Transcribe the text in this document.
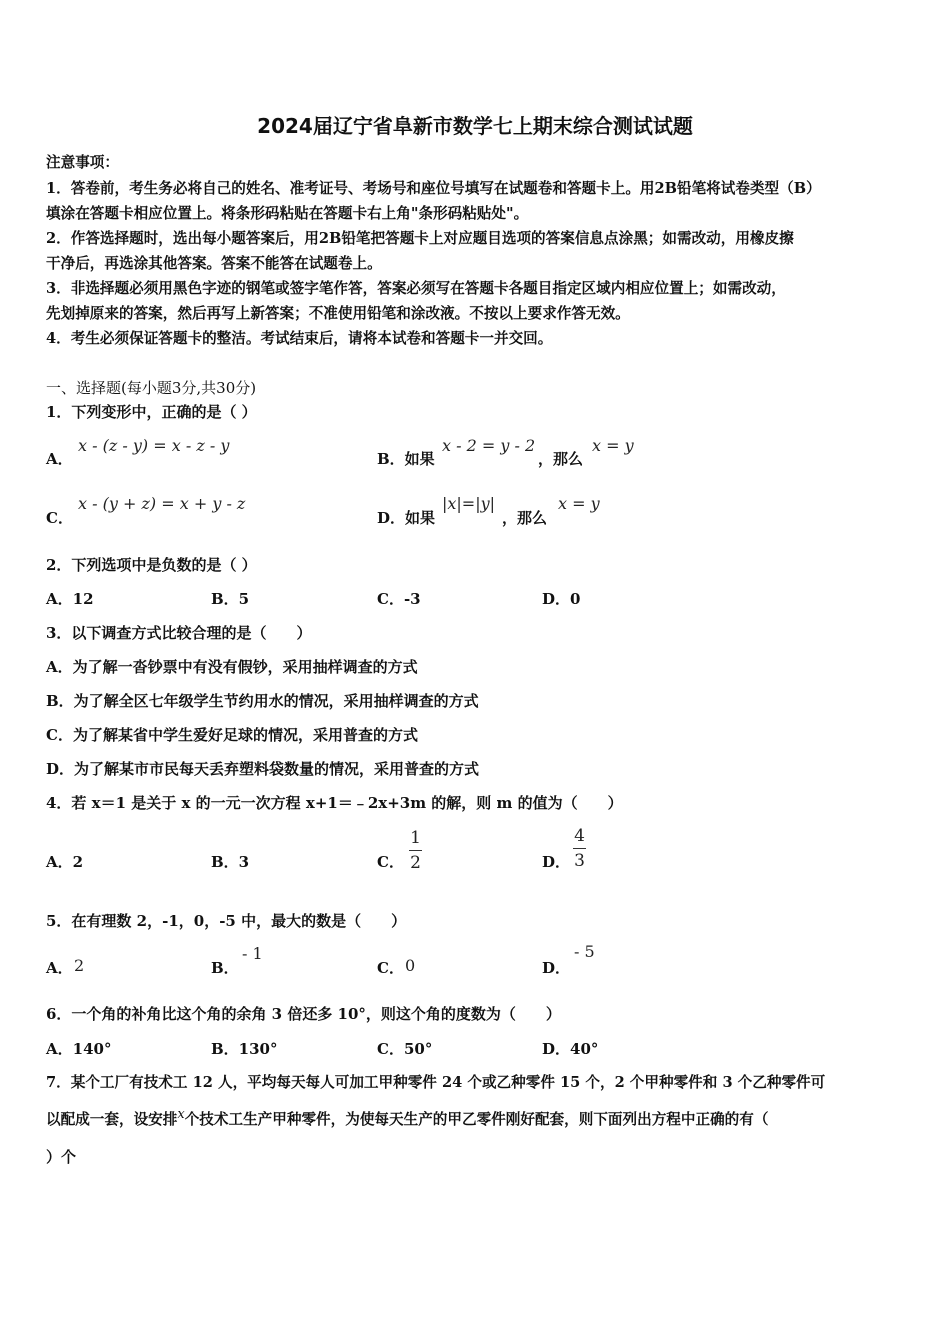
2024届辽宁省阜新市数学七上期末综合测试试题
注意事项：
1．答卷前，考生务必将自己的姓名、准考证号、考场号和座位号填写在试题卷和答题卡上。用2B铅笔将试卷类型（B）
填涂在答题卡相应位置上。将条形码粘贴在答题卡右上角"条形码粘贴处"。
2．作答选择题时，选出每小题答案后，用2B铅笔把答题卡上对应题目选项的答案信息点涂黑；如需改动，用橡皮擦
干净后，再选涂其他答案。答案不能答在试题卷上。
3．非选择题必须用黑色字迹的钢笔或签字笔作答，答案必须写在答题卡各题目指定区域内相应位置上；如需改动，
先划掉原来的答案，然后再写上新答案；不准使用铅笔和涂改液。不按以上要求作答无效。
4．考生必须保证答题卡的整洁。考试结束后，请将本试卷和答题卡一并交回。
一、选择题(每小题3分,共30分)
1．下列变形中，正确的是（ ）
A．
x - (z - y) = x - z - y
B．如果
x - 2 = y - 2
，那么
x = y
C．
x - (y + z) = x + y - z
D．如果
|x|=|y|
，那么
x = y
2．下列选项中是负数的是（ ）
A．12	B．5	C．-3	D．0
3．以下调查方式比较合理的是（　　）
A．为了解一沓钞票中有没有假钞，采用抽样调查的方式
B．为了解全区七年级学生节约用水的情况，采用抽样调查的方式
C．为了解某省中学生爱好足球的情况，采用普查的方式
D．为了解某市市民每天丢弃塑料袋数量的情况，采用普查的方式
4．若 x＝1 是关于 x 的一元一次方程 x+1＝﹣2x+3m 的解，则 m 的值为（　　）
A．2	B．3	C．
1
2	D．
4
3
5．在有理数 2，-1，0，-5 中，最大的数是（　　）
A． 2	B．
- 1
C． 0	D．
- 5
6．一个角的补角比这个角的余角 3 倍还多 10°，则这个角的度数为（　　）
A．140°	B．130°	C．50°	D．40°
7．某个工厂有技术工 12 人，平均每天每人可加工甲种零件 24 个或乙种零件 15 个，2 个甲种零件和 3 个乙种零件可
以配成一套，设安排x个技术工生产甲种零件，为使每天生产的甲乙零件刚好配套，则下面列出方程中正确的有（
）个
